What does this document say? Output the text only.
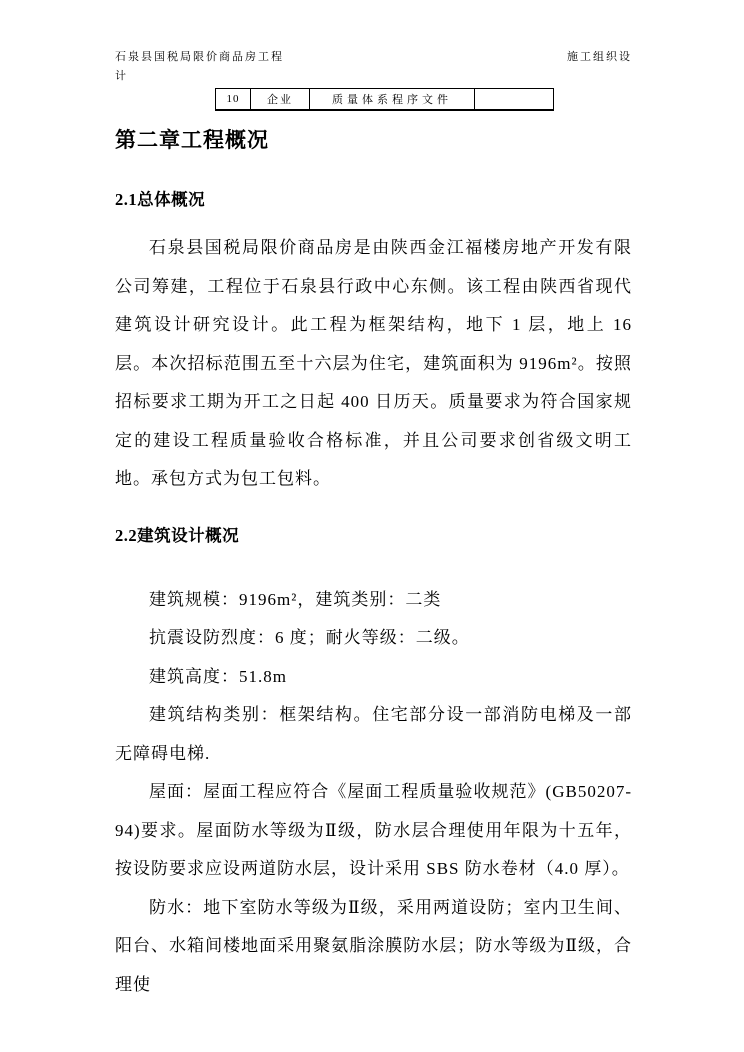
石泉县国税局限价商品房工程	施工组织设
计
10	企业	质量体系程序文件	
第二章工程概况
2.1总体概况

石泉县国税局限价商品房是由陕西金江福楼房地产开发有限公司筹建，工程位于石泉县行政中心东侧。该工程由陕西省现代建筑设计研究设计。此工程为框架结构，地下 1 层，地上 16 层。本次招标范围五至十六层为住宅，建筑面积为 9196m²。按照招标要求工期为开工之日起 400 日历天。质量要求为符合国家规定的建设工程质量验收合格标准，并且公司要求创省级文明工地。承包方式为包工包料。

2.2建筑设计概况

建筑规模：9196m²，建筑类别：二类

抗震设防烈度：6 度；耐火等级：二级。

建筑高度：51.8m

建筑结构类别：框架结构。住宅部分设一部消防电梯及一部无障碍电梯.

屋面：屋面工程应符合《屋面工程质量验收规范》(GB50207-94)要求。屋面防水等级为Ⅱ级，防水层合理使用年限为十五年，按设防要求应设两道防水层，设计采用 SBS 防水卷材（4.0 厚）。

防水：地下室防水等级为Ⅱ级，采用两道设防；室内卫生间、阳台、水箱间楼地面采用聚氨脂涂膜防水层；防水等级为Ⅱ级，合理使
